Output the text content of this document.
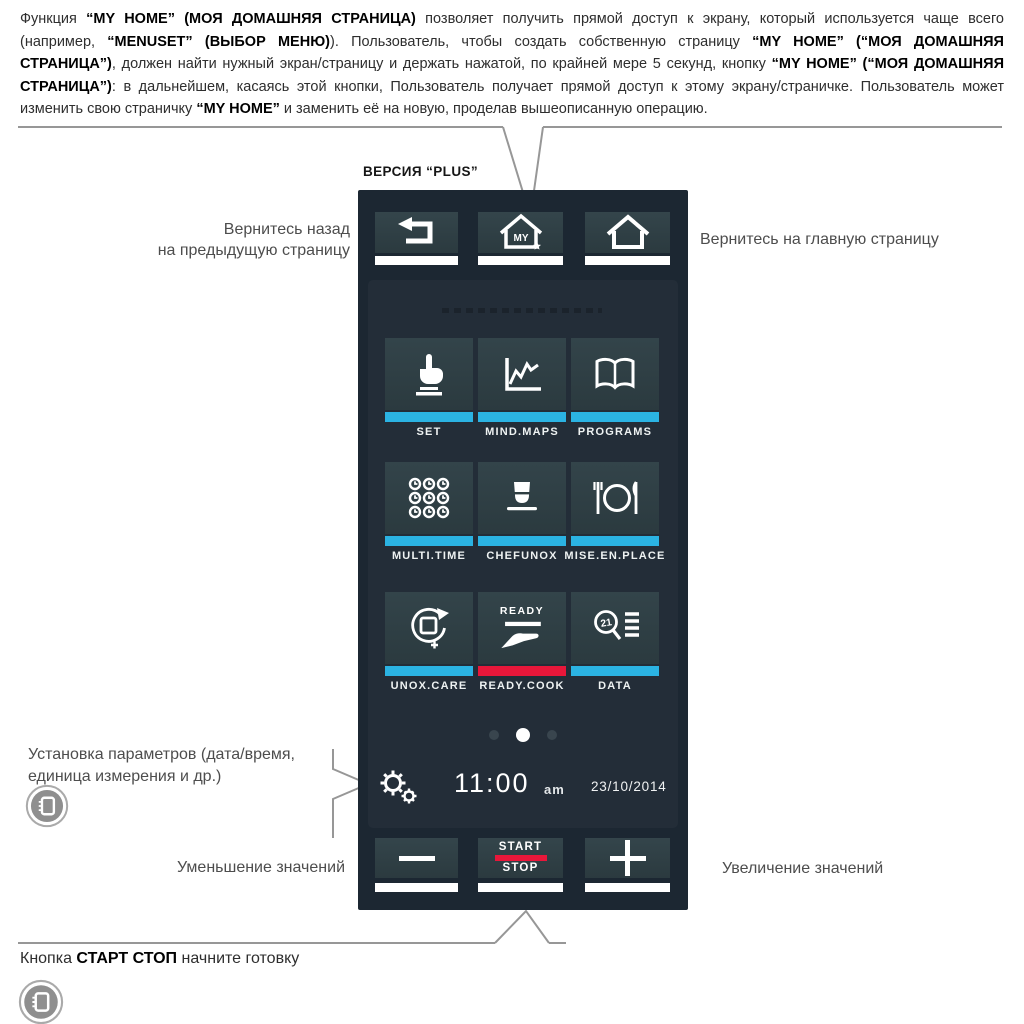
Функция “MY HOME” (МОЯ ДОМАШНЯЯ СТРАНИЦА) позволяет получить прямой доступ к экрану, который используется чаще всего (например, “MENUSET” (ВЫБОР МЕНЮ)). Пользователь, чтобы создать собственную страницу “MY HOME” (“МОЯ ДОМАШНЯЯ СТРАНИЦА”), должен найти нужный экран/страницу и держать нажатой, по крайней мере 5 секунд, кнопку “MY HOME” (“МОЯ ДОМАШНЯЯ СТРАНИЦА”): в дальнейшем, касаясь этой кнопки, Пользователь получает прямой доступ к этому экрану/страничке. Пользователь может изменить свою страничку “MY HOME” и заменить её на новую, проделав вышеописанную операцию.

ВЕРСИЯ “PLUS”
MY
READY
21
SET	MIND.MAPS	PROGRAMS
MULTI.TIME	CHEFUNOX MISE.EN.PLACE
UNOX.CARE	READY.COOK	DATA
11:00 am 23/10/2014
START
STOP
Вернитесь назад
на предыдущую страницу
Вернитесь на главную страницу
Установка параметров (дата/время,
единица измерения и др.)
Уменьшение значений	Увеличение значений
Кнопка СТАРТ СТОП начните готовку
